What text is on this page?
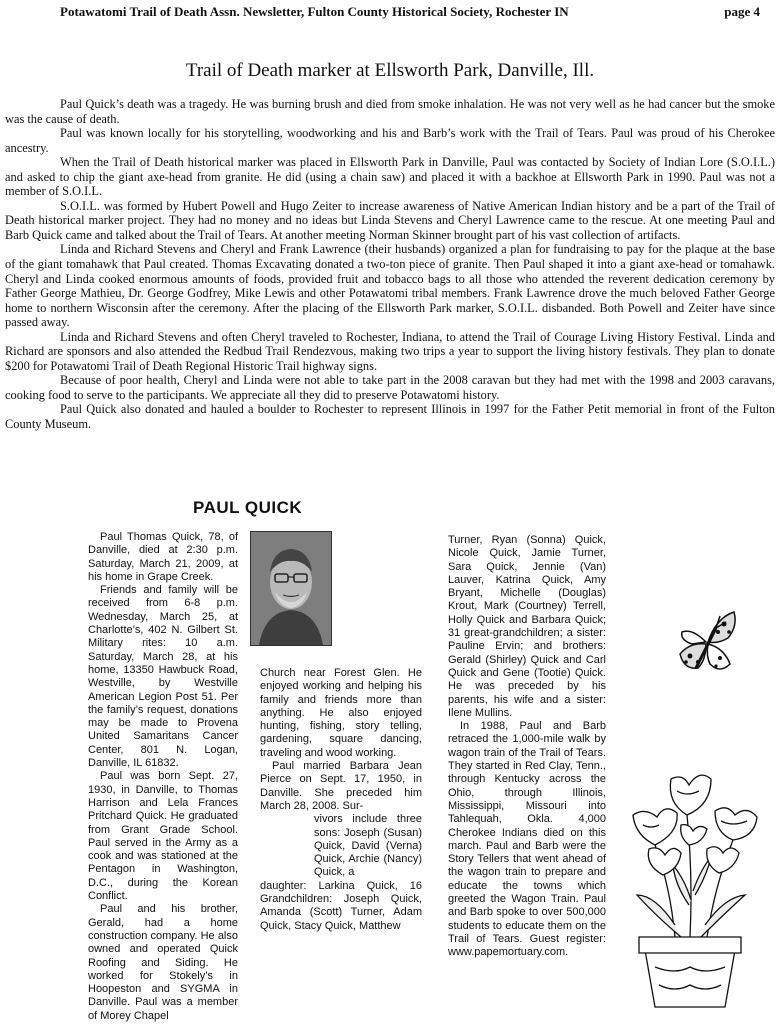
Potawatomi Trail of Death Assn. Newsletter, Fulton County Historical Society, Rochester IN	page 4
Trail of Death marker at Ellsworth Park, Danville, Ill.

Paul Quick’s death was a tragedy. He was burning brush and died from smoke inhalation. He was not very well as he had cancer but the smoke was the cause of death.

Paul was known locally for his storytelling, woodworking and his and Barb’s work with the Trail of Tears. Paul was proud of his Cherokee ancestry.

When the Trail of Death historical marker was placed in Ellsworth Park in Danville, Paul was contacted by Society of Indian Lore (S.O.I.L.) and asked to chip the giant axe-head from granite. He did (using a chain saw) and placed it with a backhoe at Ellsworth Park in 1990. Paul was not a member of S.O.I.L.

S.O.I.L. was formed by Hubert Powell and Hugo Zeiter to increase awareness of Native American Indian history and be a part of the Trail of Death historical marker project. They had no money and no ideas but Linda Stevens and Cheryl Lawrence came to the rescue. At one meeting Paul and Barb Quick came and talked about the Trail of Tears. At another meeting Norman Skinner brought part of his vast collection of artifacts.

Linda and Richard Stevens and Cheryl and Frank Lawrence (their husbands) organized a plan for fundraising to pay for the plaque at the base of the giant tomahawk that Paul created. Thomas Excavating donated a two-ton piece of granite. Then Paul shaped it into a giant axe-head or tomahawk. Cheryl and Linda cooked enormous amounts of foods, provided fruit and tobacco bags to all those who attended the reverent dedication ceremony by Father George Mathieu, Dr. George Godfrey, Mike Lewis and other Potawatomi tribal members. Frank Lawrence drove the much beloved Father George home to northern Wisconsin after the ceremony. After the placing of the Ellsworth Park marker, S.O.I.L. disbanded. Both Powell and Zeiter have since passed away.

Linda and Richard Stevens and often Cheryl traveled to Rochester, Indiana, to attend the Trail of Courage Living History Festival. Linda and Richard are sponsors and also attended the Redbud Trail Rendezvous, making two trips a year to support the living history festivals. They plan to donate $200 for Potawatomi Trail of Death Regional Historic Trail highway signs.

Because of poor health, Cheryl and Linda were not able to take part in the 2008 caravan but they had met with the 1998 and 2003 caravans, cooking food to serve to the participants. We appreciate all they did to preserve Potawatomi history.

Paul Quick also donated and hauled a boulder to Rochester to represent Illinois in 1997 for the Father Petit memorial in front of the Fulton County Museum.

PAUL QUICK

Paul Thomas Quick, 78, of Danville, died at 2:30 p.m. Saturday, March 21, 2009, at his home in Grape Creek.

Friends and family will be received from 6-8 p.m. Wednesday, March 25, at Charlotte’s, 402 N. Gilbert St. Military rites: 10 a.m. Saturday, March 28, at his home, 13350 Hawbuck Road, Westville, by Westville American Legion Post 51. Per the family’s request, donations may be made to Provena United Samaritans Cancer Center, 801 N. Logan, Danville, IL 61832.

Paul was born Sept. 27, 1930, in Danville, to Thomas Harrison and Lela Frances Pritchard Quick. He graduated from Grant Grade School. Paul served in the Army as a cook and was stationed at the Pentagon in Washington, D.C., during the Korean Conflict.

Paul and his brother, Gerald, had a home construction company. He also owned and operated Quick Roofing and Siding. He worked for Stokely’s in Hoopeston and SYGMA in Danville. Paul was a member of Morey Chapel

Church near Forest Glen. He enjoyed working and helping his family and friends more than anything. He also enjoyed hunting, fishing, story telling, gardening, square dancing, traveling and wood working.

Paul married Barbara Jean Pierce on Sept. 17, 1950, in Danville. She preceded him March 28, 2008. Sur-

vivors include three sons: Joseph (Susan) Quick, David (Verna) Quick, Archie (Nancy) Quick, a

daughter: Larkina Quick, 16 Grandchildren: Joseph Quick, Amanda (Scott) Turner, Adam Quick, Stacy Quick, Matthew

Turner, Ryan (Sonna) Quick, Nicole Quick, Jamie Turner, Sara Quick, Jennie (Van) Lauver, Katrina Quick, Amy Bryant, Michelle (Douglas) Krout, Mark (Courtney) Terrell, Holly Quick and Barbara Quick; 31 great-grandchildren; a sister: Pauline Ervin; and brothers: Gerald (Shirley) Quick and Carl Quick and Gene (Tootie) Quick. He was preceded by his parents, his wife and a sister: Ilene Mullins.

In 1988, Paul and Barb retraced the 1,000-mile walk by wagon train of the Trail of Tears. They started in Red Clay, Tenn., through Kentucky across the Ohio, through Illinois, Mississippi, Missouri into Tahlequah, Okla. 4,000 Cherokee Indians died on this march. Paul and Barb were the Story Tellers that went ahead of the wagon train to prepare and educate the towns which greeted the Wagon Train. Paul and Barb spoke to over 500,000 students to educate them on the Trail of Tears. Guest register: www.papemortuary.com.
